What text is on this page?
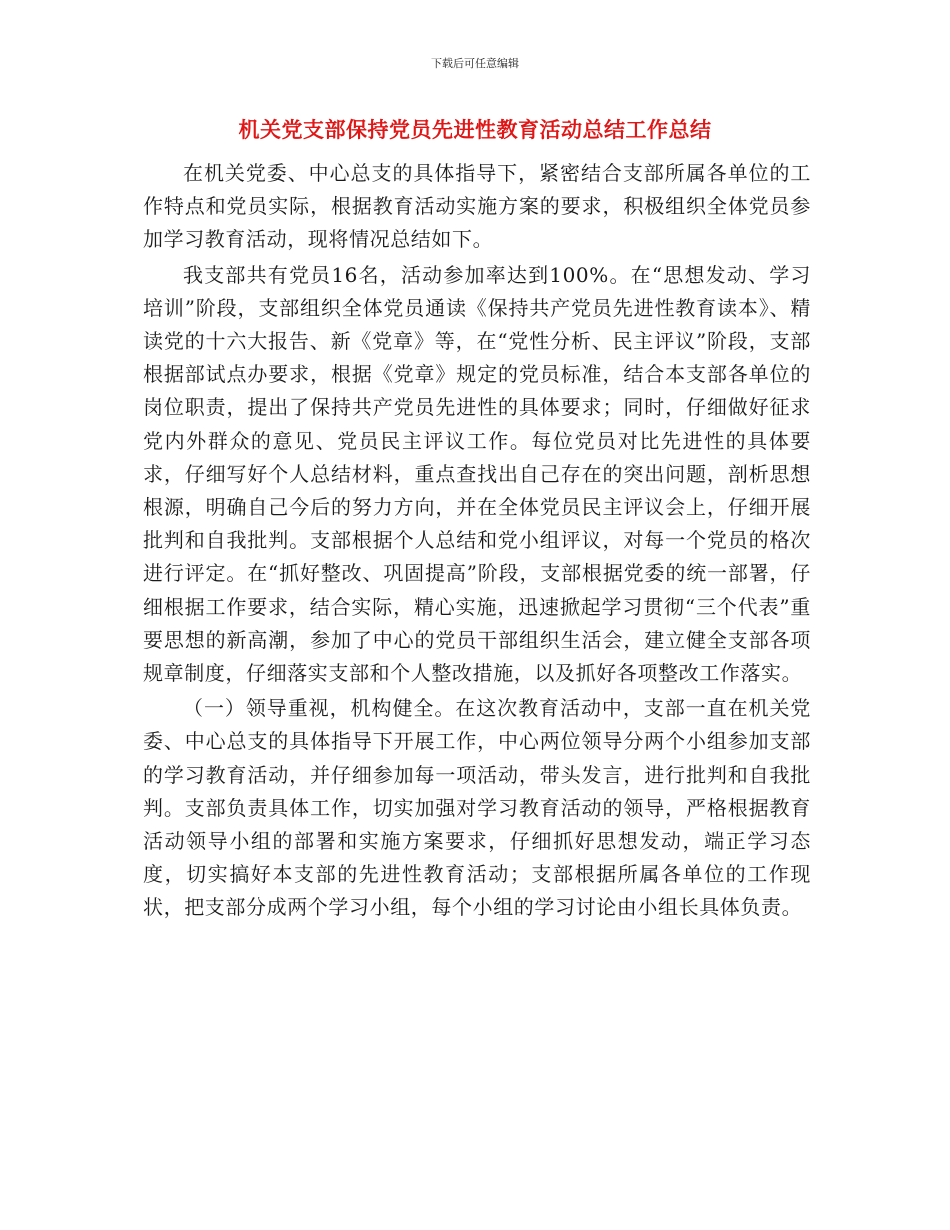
下载后可任意编辑
机关党支部保持党员先进性教育活动总结工作总结

在机关党委、中心总支的具体指导下，紧密结合支部所属各单位的工作特点和党员实际，根据教育活动实施方案的要求，积极组织全体党员参加学习教育活动，现将情况总结如下。

我支部共有党员16名，活动参加率达到100%。在“思想发动、学习培训”阶段，支部组织全体党员通读《保持共产党员先进性教育读本》、精读党的十六大报告、新《党章》等，在“党性分析、民主评议”阶段，支部根据部试点办要求，根据《党章》规定的党员标准，结合本支部各单位的岗位职责，提出了保持共产党员先进性的具体要求；同时，仔细做好征求党内外群众的意见、党员民主评议工作。每位党员对比先进性的具体要求，仔细写好个人总结材料，重点查找出自己存在的突出问题，剖析思想根源，明确自己今后的努力方向，并在全体党员民主评议会上，仔细开展批判和自我批判。支部根据个人总结和党小组评议，对每一个党员的格次进行评定。在“抓好整改、巩固提高”阶段，支部根据党委的统一部署，仔细根据工作要求，结合实际，精心实施，迅速掀起学习贯彻“三个代表”重要思想的新高潮，参加了中心的党员干部组织生活会，建立健全支部各项规章制度，仔细落实支部和个人整改措施，以及抓好各项整改工作落实。

（一）领导重视，机构健全。在这次教育活动中，支部一直在机关党委、中心总支的具体指导下开展工作，中心两位领导分两个小组参加支部的学习教育活动，并仔细参加每一项活动，带头发言，进行批判和自我批判。支部负责具体工作，切实加强对学习教育活动的领导，严格根据教育活动领导小组的部署和实施方案要求，仔细抓好思想发动，端正学习态度，切实搞好本支部的先进性教育活动；支部根据所属各单位的工作现状，把支部分成两个学习小组，每个小组的学习讨论由小组长具体负责。
